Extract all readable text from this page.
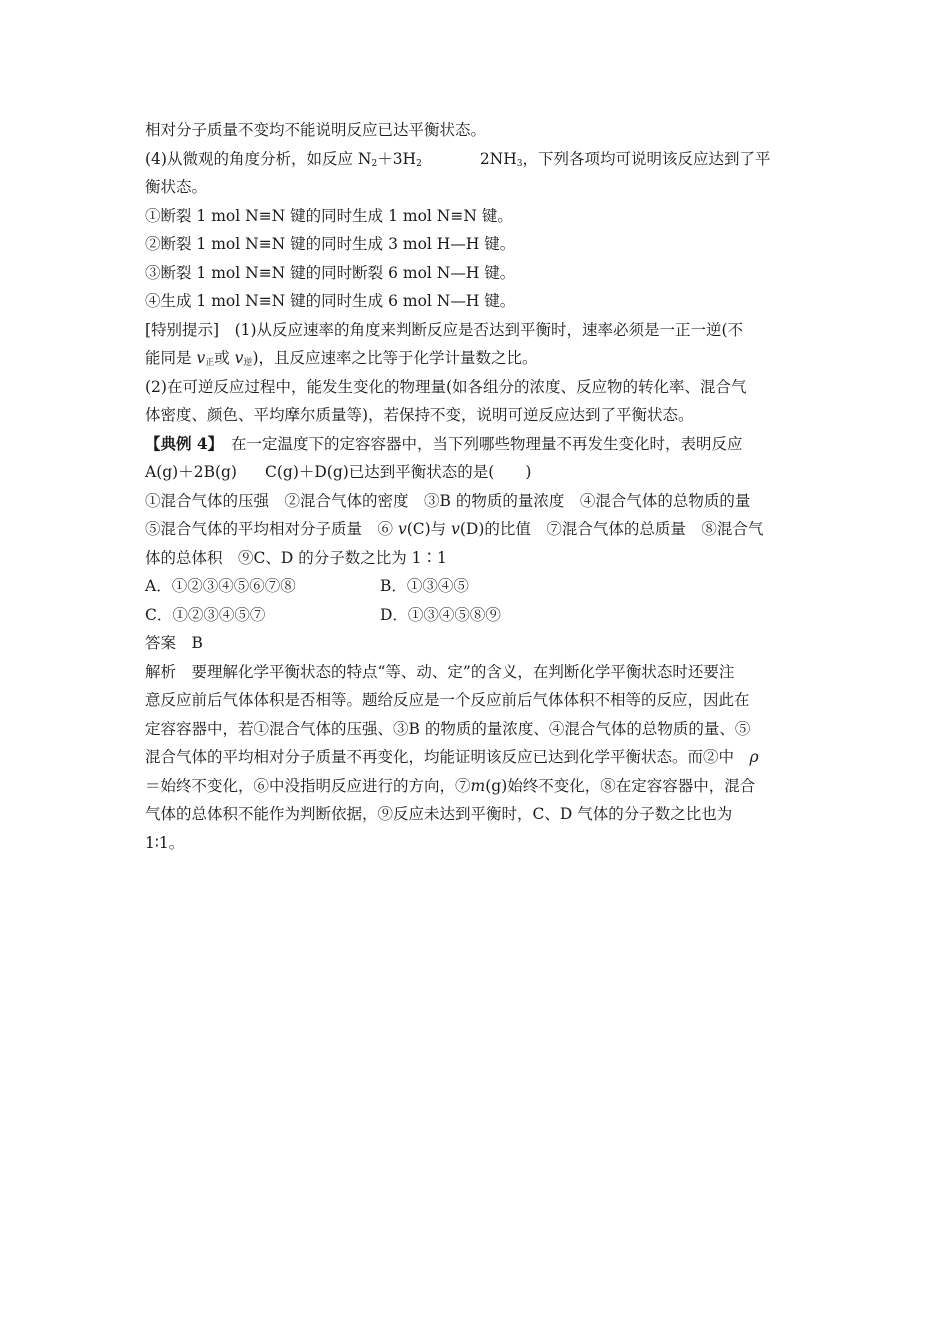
相对分子质量不变均不能说明反应已达平衡状态。
(4)从微观的角度分析，如反应 $N_2+3H_2$	$2NH_3$，下列各项均可说明该反应达到了平
衡状态。
①断裂 1 mol N≡N 键的同时生成 1 mol N≡N 键。
②断裂 1 mol N≡N 键的同时生成 3 mol H—H 键。
③断裂 1 mol N≡N 键的同时断裂 6 mol N—H 键。
④生成 1 mol N≡N 键的同时生成 6 mol N—H 键。
[特别提示]　(1)从反应速率的角度来判断反应是否达到平衡时，速率必须是一正一逆(不
能同是 $v_正$或 $v_逆$)，且反应速率之比等于化学计量数之比。
(2)在可逆反应过程中，能发生变化的物理量(如各组分的浓度、反应物的转化率、混合气
体密度、颜色、平均摩尔质量等)，若保持不变，说明可逆反应达到了平衡状态。
【典例 4】　在一定温度下的定容容器中，当下列哪些物理量不再发生变化时，表明反应
A(g)＋2B(g) C(g)＋D(g)已达到平衡状态的是(　　)
①混合气体的压强　②混合气体的密度　③B 的物质的量浓度　④混合气体的总物质的量
⑤混合气体的平均相对分子质量　⑥ v(C)与 v(D)的比值　⑦混合气体的总质量　⑧混合气
体的总体积　⑨C、D 的分子数之比为 1∶1
A．①②③④⑤⑥⑦⑧	B．①③④⑤
C．①②③④⑤⑦	D．①③④⑤⑧⑨
答案　B
解析　要理解化学平衡状态的特点“等、动、定”的含义，在判断化学平衡状态时还要注
意反应前后气体体积是否相等。题给反应是一个反应前后气体体积不相等的反应，因此在
定容容器中，若①混合气体的压强、③B 的物质的量浓度、④混合气体的总物质的量、⑤
混合气体的平均相对分子质量不再变化，均能证明该反应已达到化学平衡状态。而②中　ρ
＝始终不变化，⑥中没指明反应进行的方向，⑦m(g)始终不变化，⑧在定容容器中，混合
气体的总体积不能作为判断依据，⑨反应未达到平衡时，C、D 气体的分子数之比也为
1∶1。
